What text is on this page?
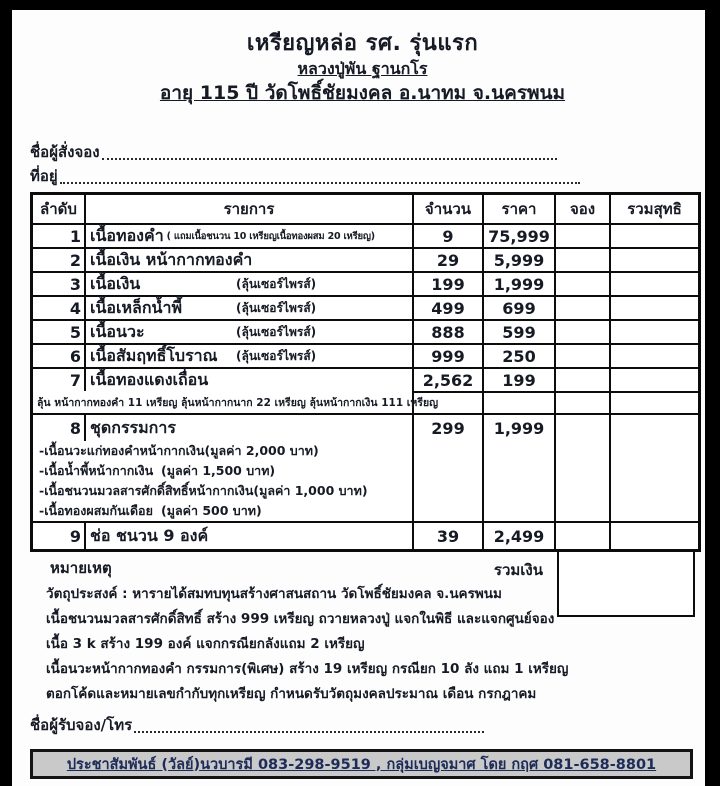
เหรียญหล่อ รศ. รุ่นแรก
หลวงปู่พัน ฐานกโร
อายุ 115 ปี วัดโพธิ์ชัยมงคล อ.นาทม จ.นครพนม
ชื่อผู้สั่งจอง
ที่อยู่
ลำดับ	รายการ	จำนวน	ราคา	จอง	รวมสุทธิ
1 เนื้อทองคำ ( แถมเนื้อชนวน 10 เหรียญเนื้อทองผสม 20 เหรียญ)	9	75,999
2 เนื้อเงิน หน้ากากทองคำ	29	5,999
3 เนื้อเงิน	(ลุ้นเซอร์ไพรส์)	199	1,999
4 เนื้อเหล็กน้ำพี้	(ลุ้นเซอร์ไพรส์)	499	699
5 เนื้อนวะ	(ลุ้นเซอร์ไพรส์)	888	599
6 เนื้อสัมฤทธิ์โบราณ (ลุ้นเซอร์ไพรส์)	999	250
7 เนื้อทองแดงเถื่อน	2,562	199
ลุ้น หน้ากากทองคำ 11 เหรียญ ลุ้นหน้ากากนาก 22 เหรียญ ลุ้นหน้ากากเงิน 111 เหรียญ
8 ชุดกรรมการ	299	1,999
-เนื้อนวะแก่ทองคำหน้ากากเงิน (มูลค่า 2,000 บาท)
-เนื้อน้ำพี้หน้ากากเงิน (มูลค่า 1,500 บาท)
-เนื้อชนวนมวลสารศักดิ์สิทธิ์หน้ากากเงิน (มูลค่า 1,000 บาท)
-เนื้อทองผสมกันเดือย (มูลค่า 500 บาท)
9 ช่อ ชนวน 9 องค์	39	2,499
หมายเหตุ	รวมเงิน
วัตถุประสงค์ : หารายได้สมทบทุนสร้างศาสนสถาน วัดโพธิ์ชัยมงคล จ.นครพนม
เนื้อชนวนมวลสารศักดิ์สิทธิ์ สร้าง 999 เหรียญ ถวายหลวงปู่ แจกในพิธี และแจกศูนย์จอง
เนื้อ 3 k สร้าง 199 องค์ แจกกรณียกลังแถม 2 เหรียญ
เนื้อนวะหน้ากากทองคำ กรรมการ(พิเศษ) สร้าง 19 เหรียญ กรณียก 10 ลัง แถม 1 เหรียญ
ตอกโค้ดและหมายเลขกำกับทุกเหรียญ กำหนดรับวัตถุมงคลประมาณ เดือน กรกฎาคม
ชื่อผู้รับจอง/โทร
ประชาสัมพันธ์ (วัลย์)นวบารมี 083-298-9519 , กลุ่มเบญจมาศ โดย กฤศ 081-658-8801
